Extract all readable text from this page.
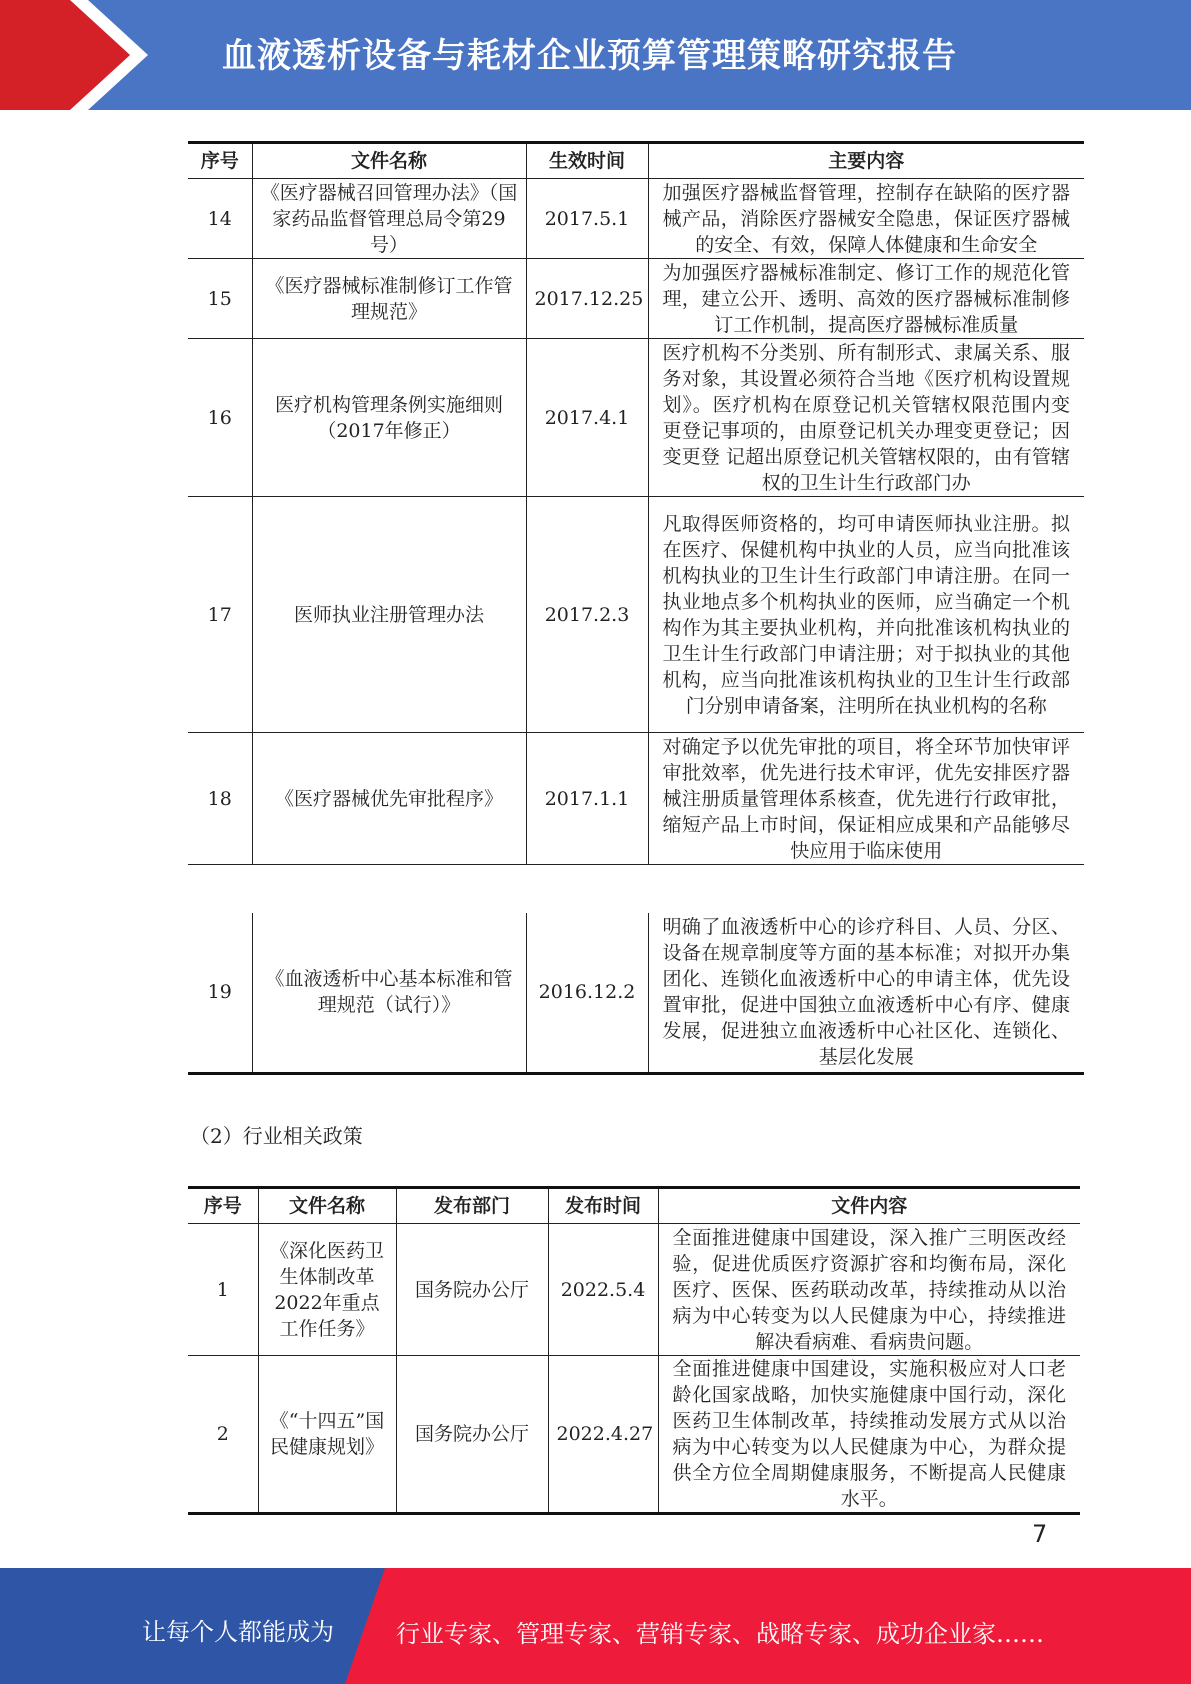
血液透析设备与耗材企业预算管理策略研究报告
序号	文件名称	生效时间	主要内容
14	《医疗器械召回管理办法》（国家药品监督管理总局令第29号）	2017.5.1	加强医疗器械监督管理，控制存在缺陷的医疗器械产品，消除医疗器械安全隐患，保证医疗器械的安全、有效，保障人体健康和生命安全
15	《医疗器械标准制修订工作管理规范》	2017.12.25	为加强医疗器械标准制定、修订工作的规范化管理，建立公开、透明、高效的医疗器械标准制修订工作机制，提高医疗器械标准质量
16	医疗机构管理条例实施细则（2017年修正）	2017.4.1	医疗机构不分类别、所有制形式、隶属关系、服务对象，其设置必须符合当地《医疗机构设置规划》。医疗机构在原登记机关管辖权限范围内变更登记事项的，由原登记机关办理变更登记；因变更登 记超出原登记机关管辖权限的，由有管辖权的卫生计生行政部门办
17	医师执业注册管理办法	2017.2.3	凡取得医师资格的，均可申请医师执业注册。拟在医疗、保健机构中执业的人员，应当向批准该机构执业的卫生计生行政部门申请注册。在同一执业地点多个机构执业的医师，应当确定一个机构作为其主要执业机构，并向批准该机构执业的卫生计生行政部门申请注册；对于拟执业的其他机构，应当向批准该机构执业的卫生计生行政部 门分别申请备案，注明所在执业机构的名称
18	《医疗器械优先审批程序》	2017.1.1	对确定予以优先审批的项目，将全环节加快审评审批效率，优先进行技术审评，优先安排医疗器械注册质量管理体系核查，优先进行行政审批，缩短产品上市时间，保证相应成果和产品能够尽快应用于临床使用
19	《血液透析中心基本标准和管理规范（试行）》	2016.12.2	明确了血液透析中心的诊疗科目、人员、分区、设备在规章制度等方面的基本标准；对拟开办集团化、连锁化血液透析中心的申请主体，优先设置审批，促进中国独立血液透析中心有序、健康发展，促进独立血液透析中心社区化、连锁化、基层化发展
（2）行业相关政策
序号	文件名称	发布部门	发布时间	文件内容
1	《深化医药卫生体制改革2022年重点工作任务》	国务院办公厅	2022.5.4	全面推进健康中国建设，深入推广三明医改经验，促进优质医疗资源扩容和均衡布局，深化医疗、医保、医药联动改革，持续推动从以治病为中心转变为以人民健康为中心，持续推进解决看病难、看病贵问题。
2	《“十四五”国民健康规划》	国务院办公厅	2022.4.27	全面推进健康中国建设，实施积极应对人口老龄化国家战略，加快实施健康中国行动，深化医药卫生体制改革，持续推动发展方式从以治病为中心转变为以人民健康为中心，为群众提供全方位全周期健康服务，不断提高人民健康水平。
7
让每个人都能成为	行业专家、管理专家、营销专家、战略专家、成功企业家……
